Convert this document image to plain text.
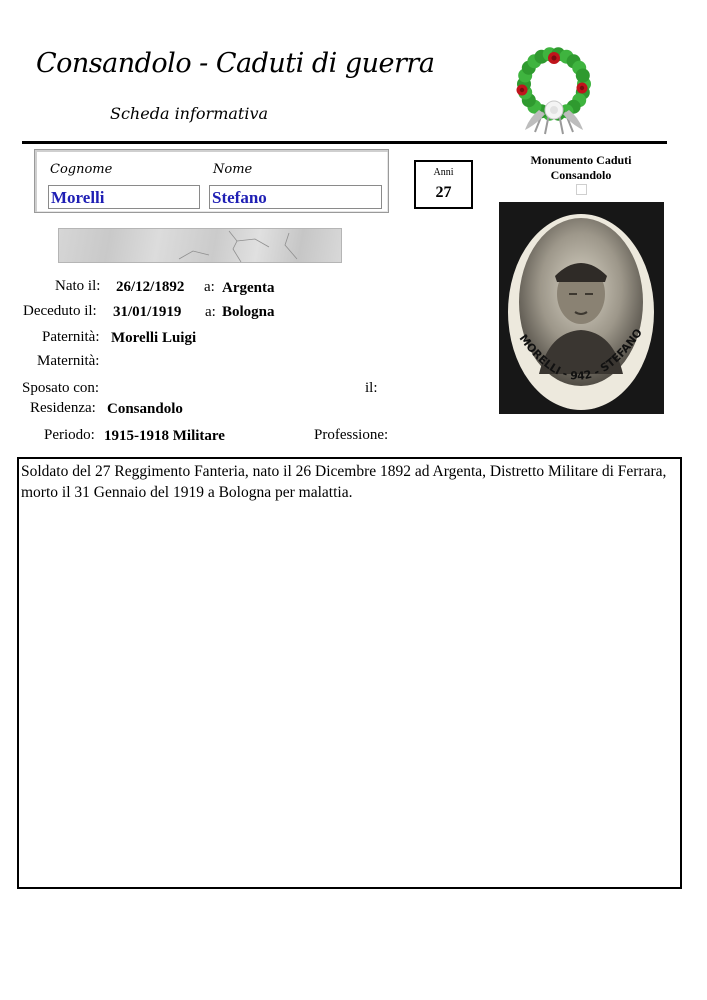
Consandolo - Caduti di guerra
Scheda informativa
Cognome	Nome
Morelli	Stefano
Anni
27
Monumento Caduti Consandolo
MORELLI - 942 - STEFANO
Nato il: 26/12/1892 a: Argenta
Deceduto il: 31/01/1919 a: Bologna
Paternità: Morelli Luigi
Maternità:
Sposato con:	il:
Residenza: Consandolo
Periodo: 1915-1918 Militare	Professione:
Soldato del 27 Reggimento Fanteria, nato il 26 Dicembre 1892 ad Argenta, Distretto Militare di Ferrara, morto il 31 Gennaio del 1919 a Bologna per malattia.
